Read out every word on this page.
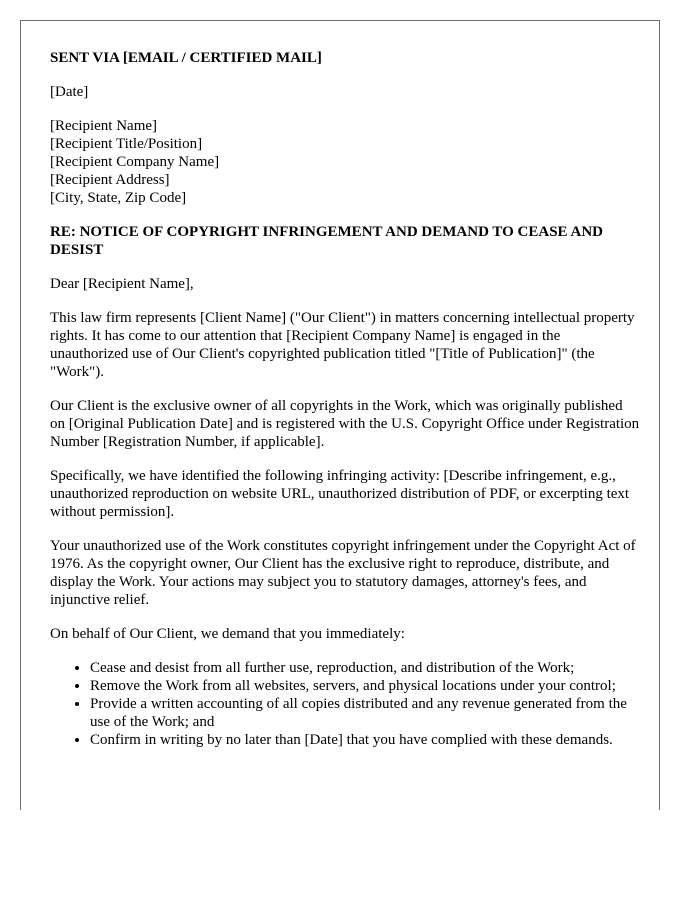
SENT VIA [EMAIL / CERTIFIED MAIL]

[Date]

[Recipient Name]
[Recipient Title/Position]
[Recipient Company Name]
[Recipient Address]
[City, State, Zip Code]

RE: NOTICE OF COPYRIGHT INFRINGEMENT AND DEMAND TO CEASE AND DESIST

Dear [Recipient Name],

This law firm represents [Client Name] ("Our Client") in matters concerning intellectual property rights. It has come to our attention that [Recipient Company Name] is engaged in the unauthorized use of Our Client's copyrighted publication titled "[Title of Publication]" (the "Work").

Our Client is the exclusive owner of all copyrights in the Work, which was originally published on [Original Publication Date] and is registered with the U.S. Copyright Office under Registration Number [Registration Number, if applicable].

Specifically, we have identified the following infringing activity: [Describe infringement, e.g., unauthorized reproduction on website URL, unauthorized distribution of PDF, or excerpting text without permission].

Your unauthorized use of the Work constitutes copyright infringement under the Copyright Act of 1976. As the copyright owner, Our Client has the exclusive right to reproduce, distribute, and display the Work. Your actions may subject you to statutory damages, attorney's fees, and injunctive relief.

On behalf of Our Client, we demand that you immediately:

• Cease and desist from all further use, reproduction, and distribution of the Work;
• Remove the Work from all websites, servers, and physical locations under your control;
• Provide a written accounting of all copies distributed and any revenue generated from the use of the Work; and
• Confirm in writing by no later than [Date] that you have complied with these demands.
